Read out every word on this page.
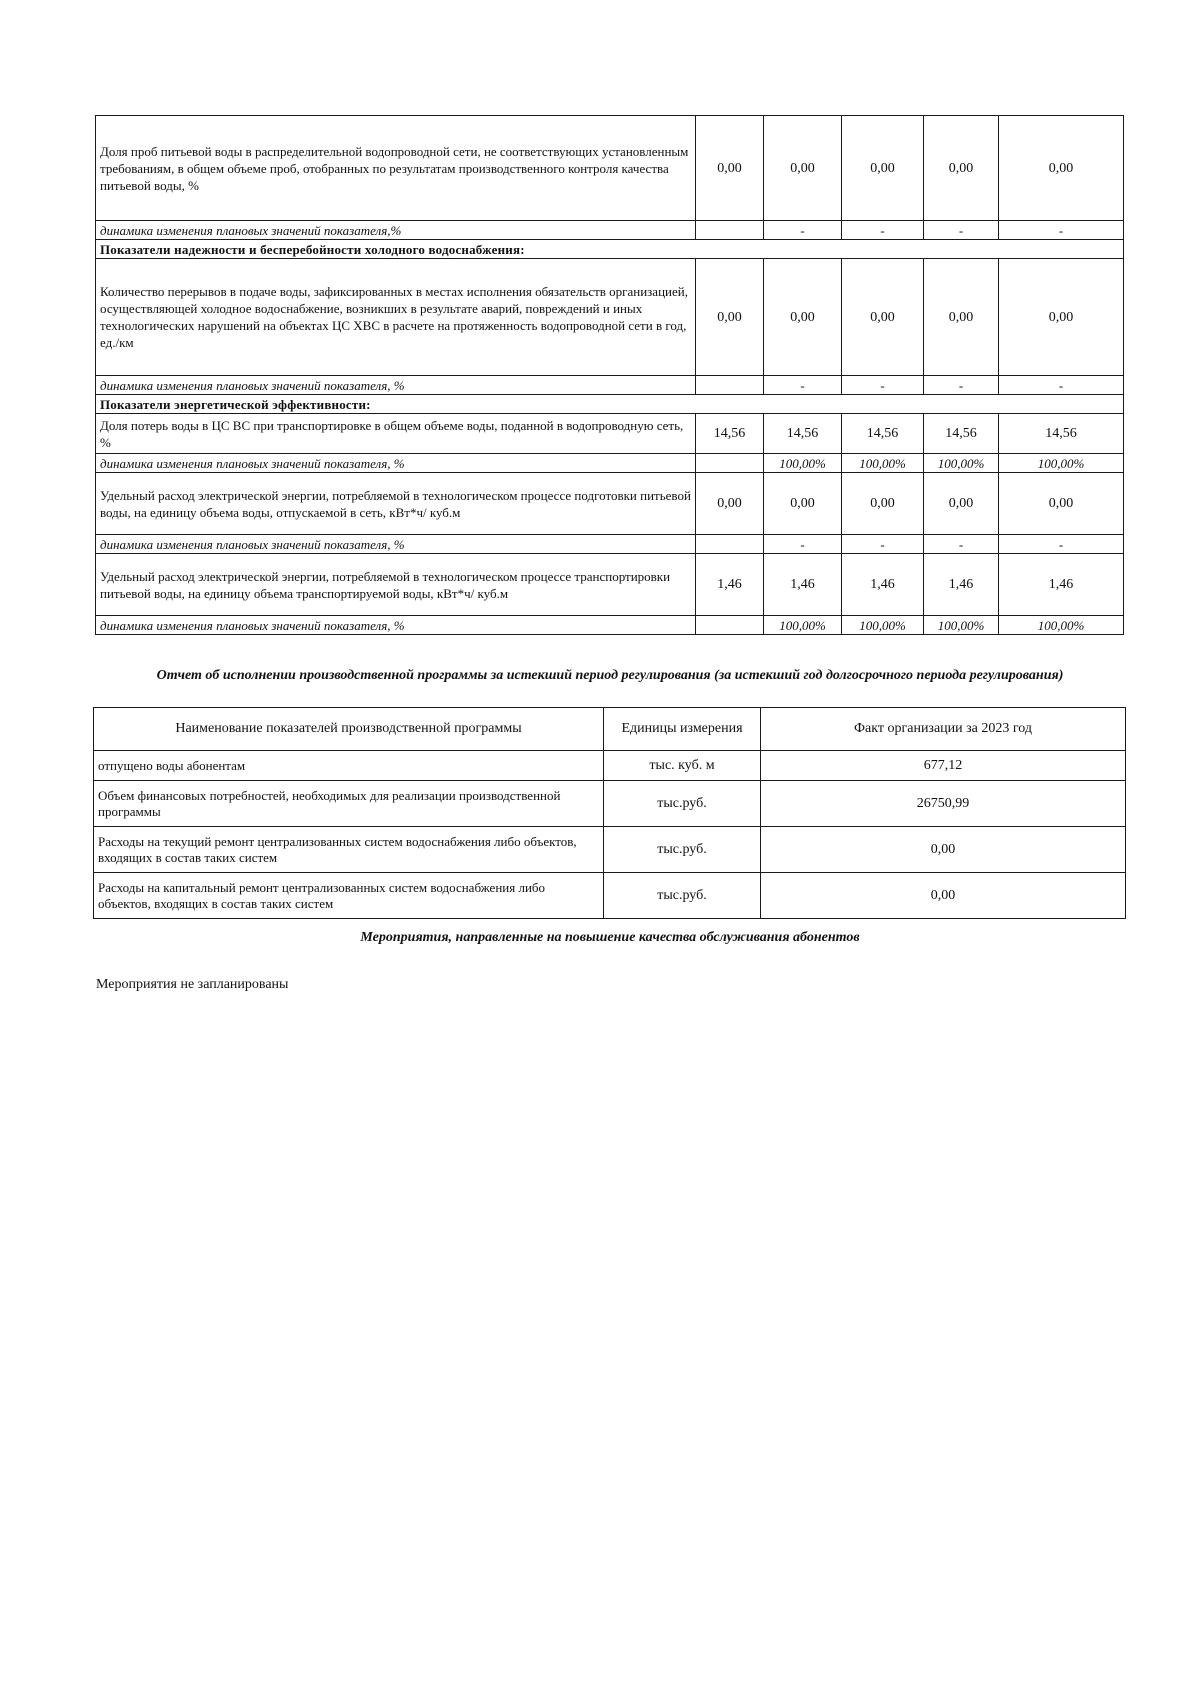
Доля проб питьевой воды в распределительной водопроводной сети, не соответствующих установленным требованиям, в общем объеме проб, отобранных по результатам производственного контроля качества питьевой воды, %	0,00	0,00	0,00	0,00	0,00
динамика изменения плановых значений показателя,%		-	-	-	-
Показатели надежности и бесперебойности холодного водоснабжения:					
Количество перерывов в подаче воды, зафиксированных в местах исполнения обязательств организацией, осуществляющей холодное водоснабжение, возникших в результате аварий, повреждений и иных технологических нарушений на объектах ЦС ХВС в расчете на протяженность водопроводной сети в год, ед./км	0,00	0,00	0,00	0,00	0,00
динамика изменения плановых значений показателя, %		-	-	-	-
Показатели энергетической эффективности:					
Доля потерь воды в ЦС ВС при транспортировке в общем объеме воды, поданной в водопроводную сеть, %	14,56	14,56	14,56	14,56	14,56
динамика изменения плановых значений показателя, %		100,00%	100,00%	100,00%	100,00%
Удельный расход электрической энергии, потребляемой в технологическом процессе подготовки питьевой воды, на единицу объема воды, отпускаемой в сеть, кВт*ч/ куб.м	0,00	0,00	0,00	0,00	0,00
динамика изменения плановых значений показателя, %		-	-	-	-
Удельный расход электрической энергии, потребляемой в технологическом процессе транспортировки питьевой воды, на единицу объема транспортируемой воды, кВт*ч/ куб.м	1,46	1,46	1,46	1,46	1,46
динамика изменения плановых значений показателя, %		100,00%	100,00%	100,00%	100,00%
Отчет об исполнении производственной программы за истекший период регулирования (за истекший год долгосрочного периода регулирования)
Наименование показателей производственной программы	Единицы измерения	Факт организации за 2023 год
отпущено воды абонентам	тыс. куб. м	677,12
Объем финансовых потребностей, необходимых для реализации производственной программы	тыс.руб.	26750,99
Расходы на текущий ремонт централизованных систем водоснабжения либо объектов, входящих в состав таких систем	тыс.руб.	0,00
Расходы на капитальный ремонт централизованных систем водоснабжения либо объектов, входящих в состав таких систем	тыс.руб.	0,00
Мероприятия, направленные на повышение качества обслуживания абонентов
Мероприятия не запланированы
